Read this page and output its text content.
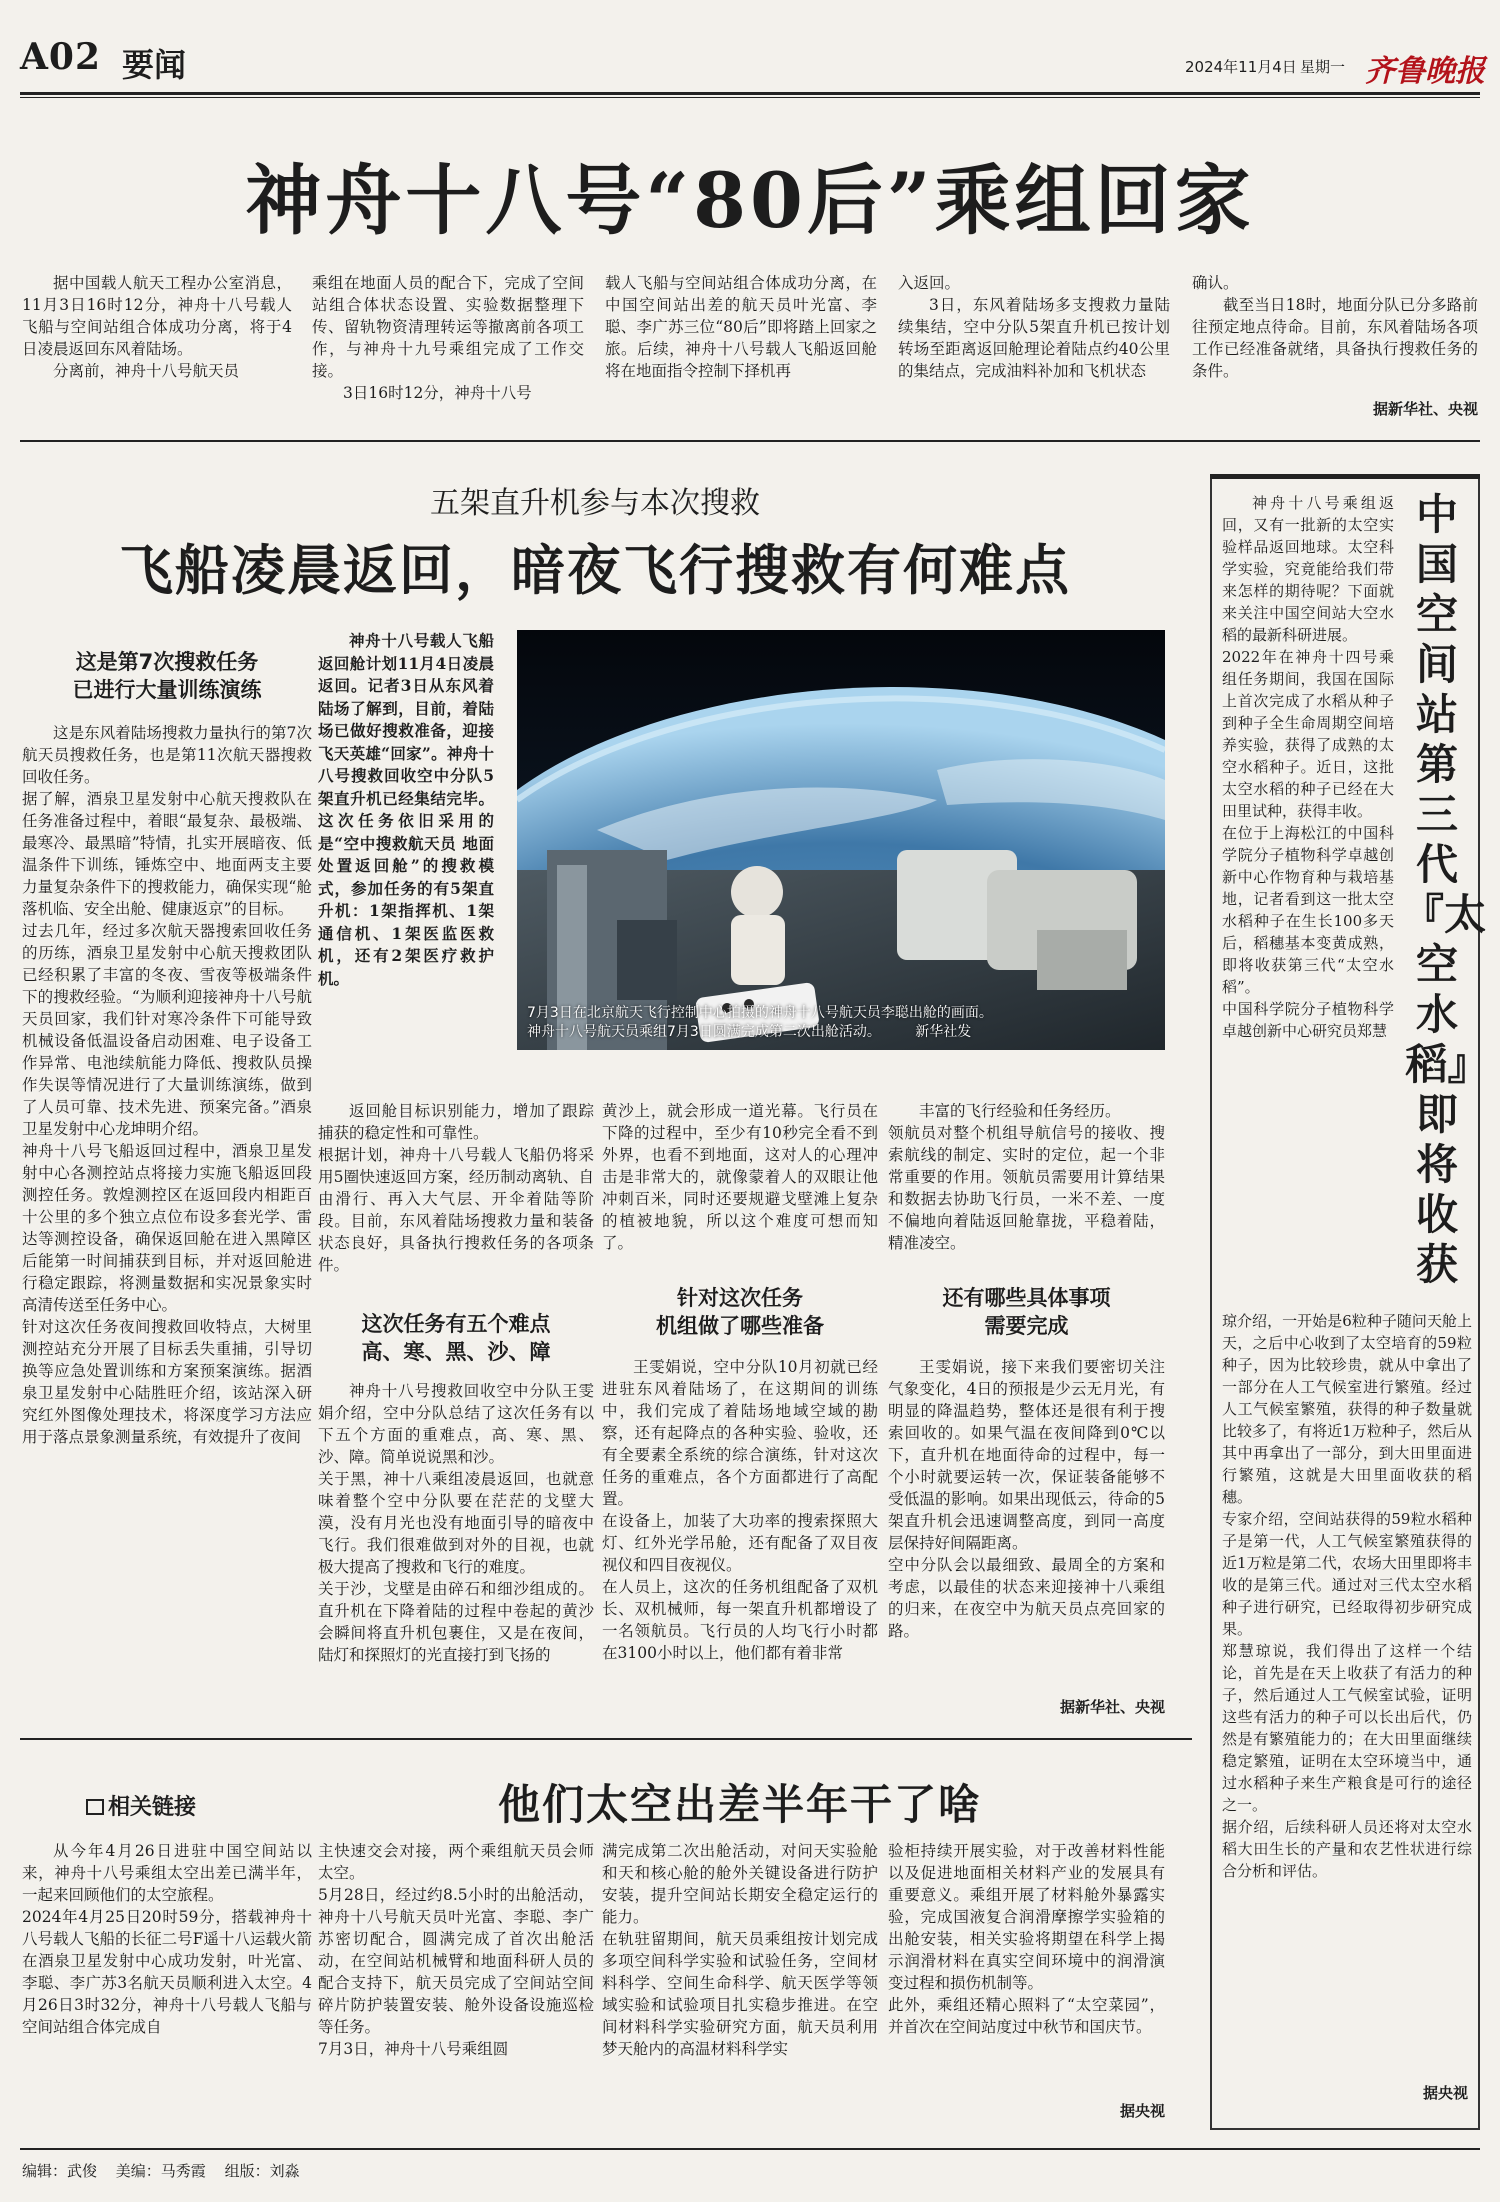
A02 要闻	2024年11月4日 星期一 齐鲁晚报
神舟十八号“80后”乘组回家

据中国载人航天工程办公室消息，11月3日16时12分，神舟十八号载人飞船与空间站组合体成功分离，将于4日凌晨返回东风着陆场。

分离前，神舟十八号航天员

乘组在地面人员的配合下，完成了空间站组合体状态设置、实验数据整理下传、留轨物资清理转运等撤离前各项工作，与神舟十九号乘组完成了工作交接。

3日16时12分，神舟十八号

载人飞船与空间站组合体成功分离，在中国空间站出差的航天员叶光富、李聪、李广苏三位“80后”即将踏上回家之旅。后续，神舟十八号载人飞船返回舱将在地面指令控制下择机再

入返回。

3日，东风着陆场多支搜救力量陆续集结，空中分队5架直升机已按计划转场至距离返回舱理论着陆点约40公里的集结点，完成油料补加和飞机状态

确认。

截至当日18时，地面分队已分多路前往预定地点待命。目前，东风着陆场各项工作已经准备就绪，具备执行搜救任务的条件。

据新华社、央视
五架直升机参与本次搜救
飞船凌晨返回，暗夜飞行搜救有何难点
这是第7次搜救任务
已进行大量训练演练
这是东风着陆场搜救力量执行的第7次航天员搜救任务，也是第11次航天器搜救回收任务。
据了解，酒泉卫星发射中心航天搜救队在任务准备过程中，着眼“最复杂、最极端、最寒冷、最黑暗”特情，扎实开展暗夜、低温条件下训练，锤炼空中、地面两支主要力量复杂条件下的搜救能力，确保实现“舱落机临、安全出舱、健康返京”的目标。
过去几年，经过多次航天器搜索回收任务的历练，酒泉卫星发射中心航天搜救团队已经积累了丰富的冬夜、雪夜等极端条件下的搜救经验。“为顺利迎接神舟十八号航天员回家，我们针对寒冷条件下可能导致机械设备低温设备启动困难、电子设备工作异常、电池续航能力降低、搜救队员操作失误等情况进行了大量训练演练，做到了人员可靠、技术先进、预案完备。”酒泉卫星发射中心龙坤明介绍。
神舟十八号飞船返回过程中，酒泉卫星发射中心各测控站点将接力实施飞船返回段测控任务。敦煌测控区在返回段内相距百十公里的多个独立点位布设多套光学、雷达等测控设备，确保返回舱在进入黑障区后能第一时间捕获到目标，并对返回舱进行稳定跟踪，将测量数据和实况景象实时高清传送至任务中心。
针对这次任务夜间搜救回收特点，大树里测控站充分开展了目标丢失重捕，引导切换等应急处置训练和方案预案演练。据酒泉卫星发射中心陆胜旺介绍，该站深入研究红外图像处理技术，将深度学习方法应用于落点景象测量系统，有效提升了夜间
神舟十八号载人飞船返回舱计划11月4日凌晨返回。记者3日从东风着陆场了解到，目前，着陆场已做好搜救准备，迎接飞天英雄“回家”。神舟十八号搜救回收空中分队5架直升机已经集结完毕。这次任务依旧采用的是“空中搜救航天员 地面处置返回舱”的搜救模式，参加任务的有5架直升机：1架指挥机、1架通信机、1架医监医救机，还有2架医疗救护机。
7月3日在北京航天飞行控制中心拍摄的神舟十八号航天员李聪出舱的画面。
神舟十八号航天员乘组7月3日圆满完成第二次出舱活动。 新华社发
返回舱目标识别能力，增加了跟踪捕获的稳定性和可靠性。
根据计划，神舟十八号载人飞船仍将采用5圈快速返回方案，经历制动离轨、自由滑行、再入大气层、开伞着陆等阶段。目前，东风着陆场搜救力量和装备状态良好，具备执行搜救任务的各项条件。
这次任务有五个难点
高、寒、黑、沙、障
神舟十八号搜救回收空中分队王雯娟介绍，空中分队总结了这次任务有以下五个方面的重难点，高、寒、黑、沙、障。简单说说黑和沙。
关于黑，神十八乘组凌晨返回，也就意味着整个空中分队要在茫茫的戈壁大漠，没有月光也没有地面引导的暗夜中飞行。我们很难做到对外的目视，也就极大提高了搜救和飞行的难度。
关于沙，戈壁是由碎石和细沙组成的。直升机在下降着陆的过程中卷起的黄沙会瞬间将直升机包裹住，又是在夜间，陆灯和探照灯的光直接打到飞扬的
黄沙上，就会形成一道光幕。飞行员在下降的过程中，至少有10秒完全看不到外界，也看不到地面，这对人的心理冲击是非常大的，就像蒙着人的双眼让他冲刺百米，同时还要规避戈壁滩上复杂的植被地貌，所以这个难度可想而知了。
针对这次任务
机组做了哪些准备
王雯娟说，空中分队10月初就已经进驻东风着陆场了，在这期间的训练中，我们完成了着陆场地域空域的勘察，还有起降点的各种实验、验收，还有全要素全系统的综合演练，针对这次任务的重难点，各个方面都进行了高配置。
在设备上，加装了大功率的搜索探照大灯、红外光学吊舱，还有配备了双目夜视仪和四目夜视仪。
在人员上，这次的任务机组配备了双机长、双机械师，每一架直升机都增设了一名领航员。飞行员的人均飞行小时都在3100小时以上，他们都有着非常
丰富的飞行经验和任务经历。
领航员对整个机组导航信号的接收、搜索航线的制定、实时的定位，起一个非常重要的作用。领航员需要用计算结果和数据去协助飞行员，一米不差、一度不偏地向着陆返回舱靠拢，平稳着陆，精准凌空。
还有哪些具体事项
需要完成
王雯娟说，接下来我们要密切关注气象变化，4日的预报是少云无月光，有明显的降温趋势，整体还是很有利于搜索回收的。如果气温在夜间降到0℃以下，直升机在地面待命的过程中，每一个小时就要运转一次，保证装备能够不受低温的影响。如果出现低云，待命的5架直升机会迅速调整高度，到同一高度层保持好间隔距离。
空中分队会以最细致、最周全的方案和考虑，以最佳的状态来迎接神十八乘组的归来，在夜空中为航天员点亮回家的路。
据新华社、央视
中国空间站第三代『太空水稻』即将收获
神舟十八号乘组返回，又有一批新的太空实验样品返回地球。太空科学实验，究竟能给我们带来怎样的期待呢？下面就来关注中国空间站大空水稻的最新科研进展。
2022年在神舟十四号乘组任务期间，我国在国际上首次完成了水稻从种子到种子全生命周期空间培养实验，获得了成熟的太空水稻种子。近日，这批太空水稻的种子已经在大田里试种，获得丰收。
在位于上海松江的中国科学院分子植物科学卓越创新中心作物育种与栽培基地，记者看到这一批太空水稻种子在生长100多天后，稻穗基本变黄成熟，即将收获第三代“太空水稻”。
中国科学院分子植物科学卓越创新中心研究员郑慧
琼介绍，一开始是6粒种子随问天舱上天，之后中心收到了太空培育的59粒种子，因为比较珍贵，就从中拿出了一部分在人工气候室进行繁殖。经过人工气候室繁殖，获得的种子数量就比较多了，有将近1万粒种子，然后从其中再拿出了一部分，到大田里面进行繁殖，这就是大田里面收获的稻穗。
专家介绍，空间站获得的59粒水稻种子是第一代，人工气候室繁殖获得的近1万粒是第二代，农场大田里即将丰收的是第三代。通过对三代太空水稻种子进行研究，已经取得初步研究成果。
郑慧琼说，我们得出了这样一个结论，首先是在天上收获了有活力的种子，然后通过人工气候室试验，证明这些有活力的种子可以长出后代，仍然是有繁殖能力的；在大田里面继续稳定繁殖，证明在太空环境当中，通过水稻种子来生产粮食是可行的途径之一。
据介绍，后续科研人员还将对太空水稻大田生长的产量和农艺性状进行综合分析和评估。
据央视
相关链接	他们太空出差半年干了啥
从今年4月26日进驻中国空间站以来，神舟十八号乘组太空出差已满半年，一起来回顾他们的太空旅程。
2024年4月25日20时59分，搭载神舟十八号载人飞船的长征二号F遥十八运载火箭在酒泉卫星发射中心成功发射，叶光富、李聪、李广苏3名航天员顺利进入太空。4月26日3时32分，神舟十八号载人飞船与空间站组合体完成自
主快速交会对接，两个乘组航天员会师太空。
5月28日，经过约8.5小时的出舱活动，神舟十八号航天员叶光富、李聪、李广苏密切配合，圆满完成了首次出舱活动，在空间站机械臂和地面科研人员的配合支持下，航天员完成了空间站空间碎片防护装置安装、舱外设备设施巡检等任务。
7月3日，神舟十八号乘组圆
满完成第二次出舱活动，对问天实验舱和天和核心舱的舱外关键设备进行防护安装，提升空间站长期安全稳定运行的能力。
在轨驻留期间，航天员乘组按计划完成多项空间科学实验和试验任务，空间材料科学、空间生命科学、航天医学等领域实验和试验项目扎实稳步推进。在空间材料科学实验研究方面，航天员利用梦天舱内的高温材料科学实
验柜持续开展实验，对于改善材料性能以及促进地面相关材料产业的发展具有重要意义。乘组开展了材料舱外暴露实验，完成国液复合润滑摩擦学实验箱的出舱安装，相关实验将期望在科学上揭示润滑材料在真实空间环境中的润滑演变过程和损伤机制等。
此外，乘组还精心照料了“太空菜园”，并首次在空间站度过中秋节和国庆节。
据央视
编辑：武俊 美编：马秀霞 组版：刘淼
